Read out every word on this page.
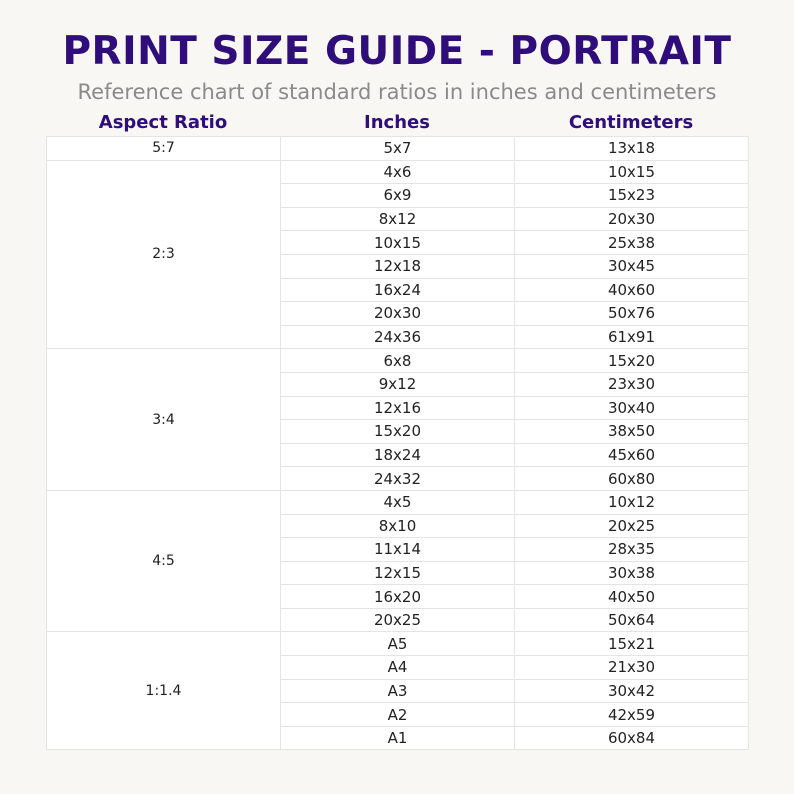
PRINT SIZE GUIDE - PORTRAIT
Reference chart of standard ratios in inches and centimeters
Aspect Ratio	Inches	Centimeters
5:7	5x7	13x18
2:3	4x6	10x15
	6x9	15x23
	8x12	20x30
	10x15	25x38
	12x18	30x45
	16x24	40x60
	20x30	50x76
	24x36	61x91
3:4	6x8	15x20
	9x12	23x30
	12x16	30x40
	15x20	38x50
	18x24	45x60
	24x32	60x80
4:5	4x5	10x12
	8x10	20x25
	11x14	28x35
	12x15	30x38
	16x20	40x50
	20x25	50x64
1:1.4	A5	15x21
	A4	21x30
	A3	30x42
	A2	42x59
	A1	60x84
